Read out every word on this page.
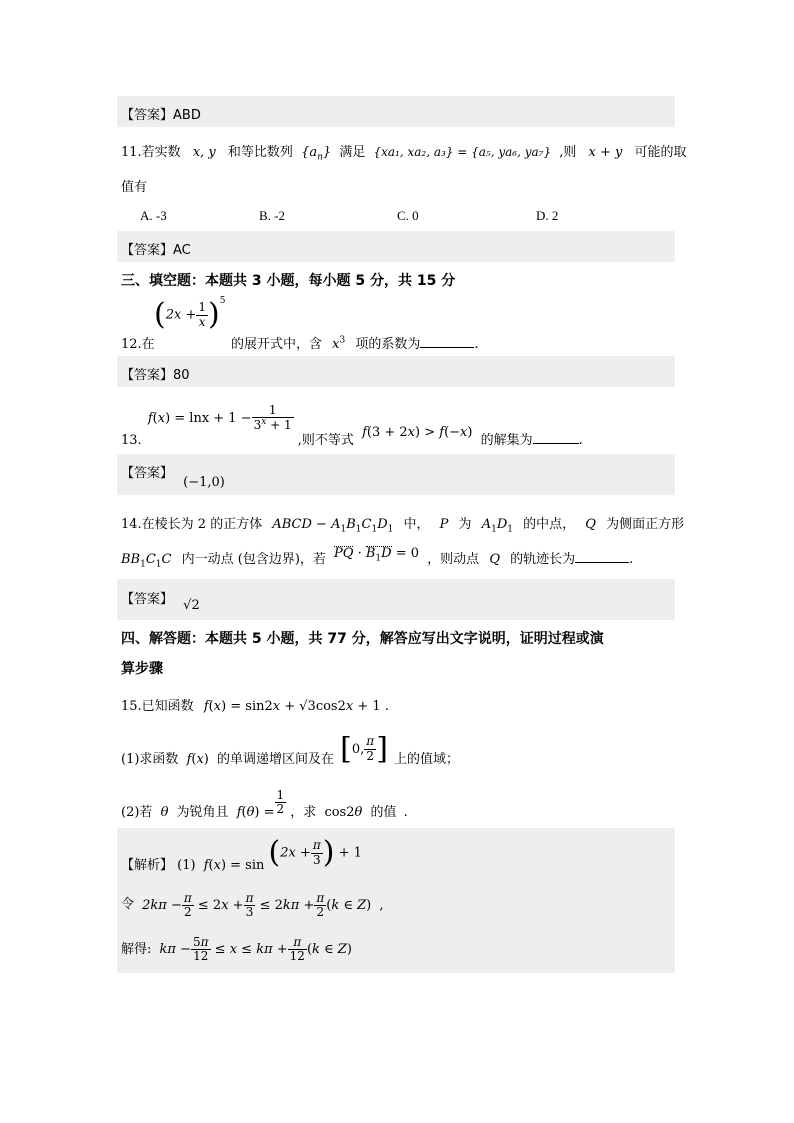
【答案】ABD
11.若实数 x, y 和等比数列 $\{a_n\}$ 满足 {xa₁, xa₂, a₃} = {a₅, ya₆, ya₇} ,则 x + y 可能的取
值有
A. -3	B. -2	C. 0	D. 2
【答案】AC
三、填空题：本题共 3 小题，每小题 5 分，共 15 分
$(2x + \frac{1}{x} )^5$
12.在	的展开式中，含 $x^3$ 项的系数为	.
【答案】80
13. $f(x) = \ln x + 1 - \frac{1}{3^x + 1}$
,则不等式 f(3 + 2x) > f(−x) 的解集为	.
【答案】 (−1,0)
14.在棱长为 2 的正方体 ABCD − $A_1B_1C_1D_1$ 中， P 为 $A_1D_1$ 的中点， Q 为侧面正方形
$BB_1C_1C$ 内一动点 (包含边界)，若 PQ · $B_1D = 0$ ，则动点 Q 的轨迹长为	.
【答案】 √2
四、解答题：本题共 5 小题，共 77 分，解答应写出文字说明，证明过程或演
算步骤
15.已知函数 f(x) = sin2x + √3cos2x + 1 .
(1)求函数 f(x) 的单调递增区间及在 [0, $\frac{\pi}{2}$ ] 上的值域；
(2)若 θ 为锐角且 $f(\theta) = \frac{1}{2}$ ，求 cos2θ 的值 .
【解析】 (1) $f(x) = \sin (2x + \frac{\pi}{3}$ ) + 1
令 $2k\pi - \frac{\pi}{2} \le 2x + \frac{\pi}{3} \le 2k\pi + \frac{\pi}{2} (k$ ∈ Z) ,
解得: $k\pi - \frac{5\pi}{12} \le x \le k\pi + \frac{\pi}{12} (k$ ∈ Z)
